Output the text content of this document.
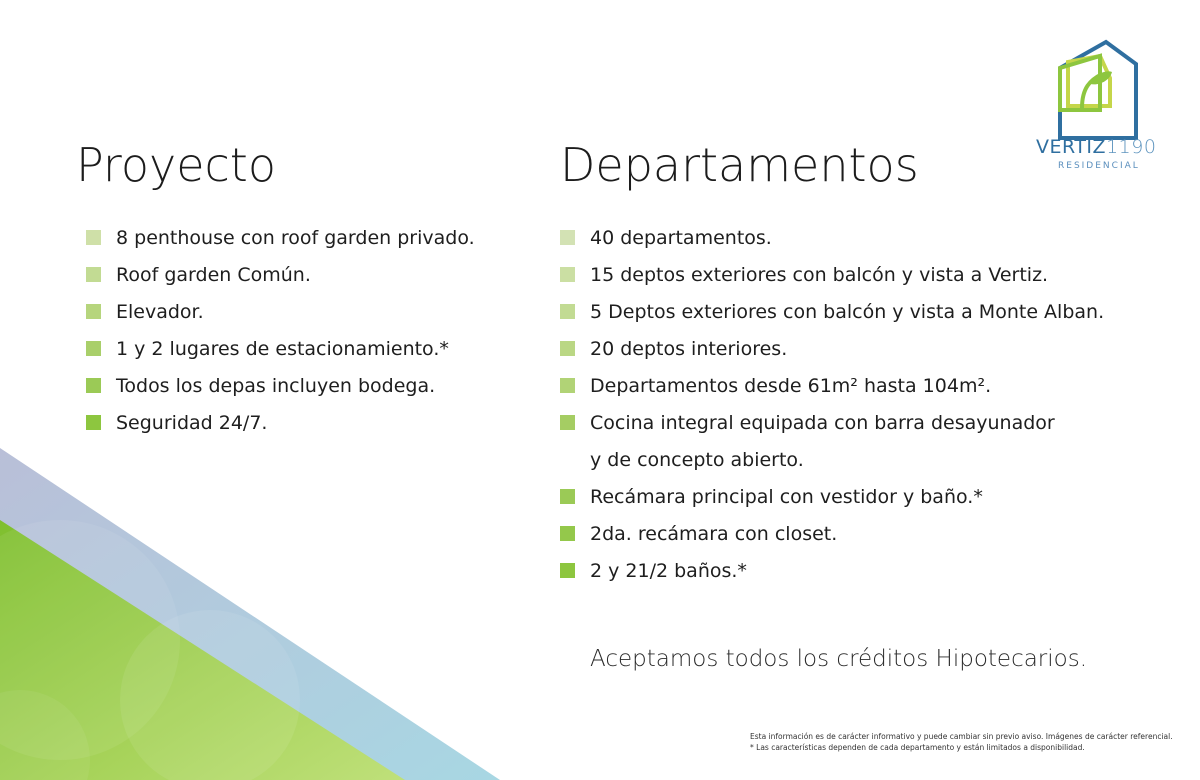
VERTIZ1190
RESIDENCIAL
Proyecto
8 penthouse con roof garden privado.
Roof garden Común.
Elevador.
1 y 2 lugares de estacionamiento.*
Todos los depas incluyen bodega.
Seguridad 24/7.
Departamentos
40 departamentos.
15 deptos exteriores con balcón y vista a Vertiz.
5 Deptos exteriores con balcón y vista a Monte Alban.
20 deptos interiores.
Departamentos desde 61m² hasta 104m².
Cocina integral equipada con barra desayunador
y de concepto abierto.
Recámara principal con vestidor y baño.*
2da. recámara con closet.
2 y 21/2 baños.*
Aceptamos todos los créditos Hipotecarios.
Esta información es de carácter informativo y puede cambiar sin previo aviso. Imágenes de carácter referencial.
* Las características dependen de cada departamento y están limitados a disponibilidad.
